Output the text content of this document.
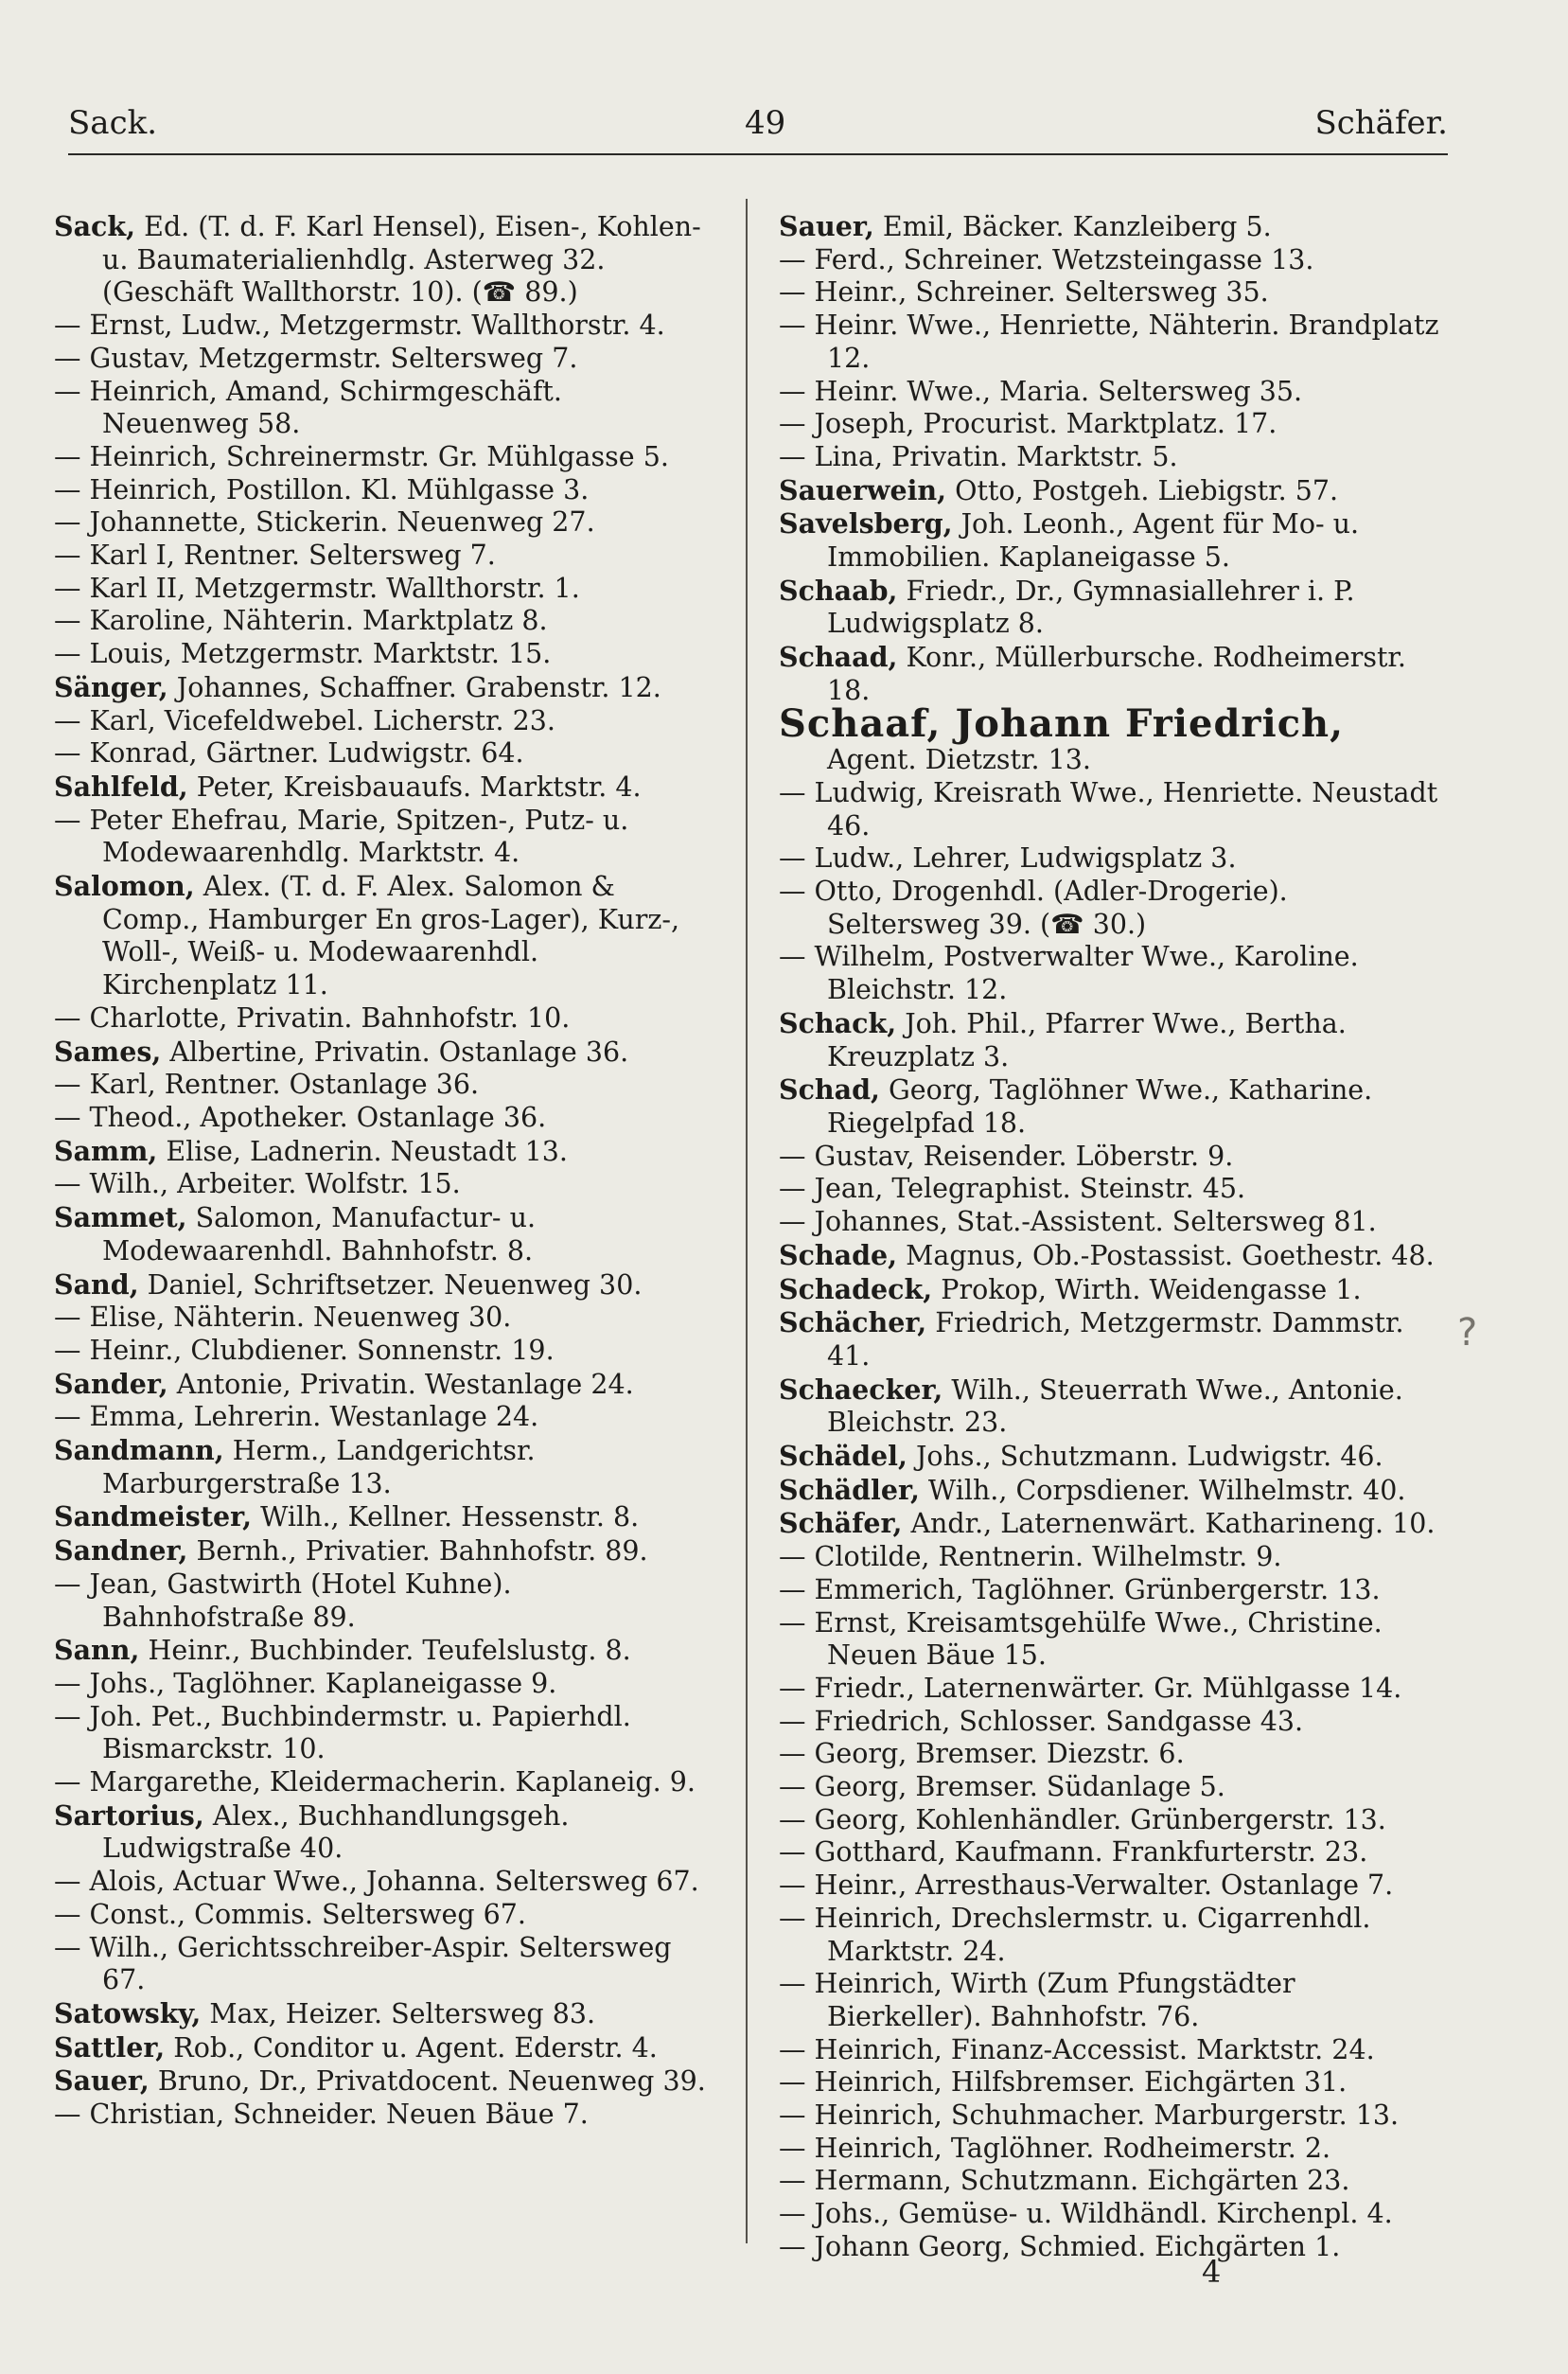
Sack.	49	Schäfer.

Sack, Ed. (T. d. F. Karl Hensel), Eisen-, Kohlen- u. Baumaterialienhdlg. Asterweg 32. (Geschäft Wallthorstr. 10). (☎ 89.)

— Ernst, Ludw., Metzgermstr. Wallthorstr. 4.

— Gustav, Metzgermstr. Seltersweg 7.

— Heinrich, Amand, Schirmgeschäft. Neuenweg 58.

— Heinrich, Schreinermstr. Gr. Mühlgasse 5.

— Heinrich, Postillon. Kl. Mühlgasse 3.

— Johannette, Stickerin. Neuenweg 27.

— Karl I, Rentner. Seltersweg 7.

— Karl II, Metzgermstr. Wallthorstr. 1.

— Karoline, Nähterin. Marktplatz 8.

— Louis, Metzgermstr. Marktstr. 15.

Sänger, Johannes, Schaffner. Grabenstr. 12.

— Karl, Vicefeldwebel. Licherstr. 23.

— Konrad, Gärtner. Ludwigstr. 64.

Sahlfeld, Peter, Kreisbauaufs. Marktstr. 4.

— Peter Ehefrau, Marie, Spitzen-, Putz- u. Modewaarenhdlg. Marktstr. 4.

Salomon, Alex. (T. d. F. Alex. Salomon & Comp., Hamburger En gros-Lager), Kurz-, Woll-, Weiß- u. Modewaarenhdl. Kirchenplatz 11.

— Charlotte, Privatin. Bahnhofstr. 10.

Sames, Albertine, Privatin. Ostanlage 36.

— Karl, Rentner. Ostanlage 36.

— Theod., Apotheker. Ostanlage 36.

Samm, Elise, Ladnerin. Neustadt 13.

— Wilh., Arbeiter. Wolfstr. 15.

Sammet, Salomon, Manufactur- u. Modewaarenhdl. Bahnhofstr. 8.

Sand, Daniel, Schriftsetzer. Neuenweg 30.

— Elise, Nähterin. Neuenweg 30.

— Heinr., Clubdiener. Sonnenstr. 19.

Sander, Antonie, Privatin. Westanlage 24.

— Emma, Lehrerin. Westanlage 24.

Sandmann, Herm., Landgerichtsr. Marburgerstraße 13.

Sandmeister, Wilh., Kellner. Hessenstr. 8.

Sandner, Bernh., Privatier. Bahnhofstr. 89.

— Jean, Gastwirth (Hotel Kuhne). Bahnhofstraße 89.

Sann, Heinr., Buchbinder. Teufelslustg. 8.

— Johs., Taglöhner. Kaplaneigasse 9.

— Joh. Pet., Buchbindermstr. u. Papierhdl. Bismarckstr. 10.

— Margarethe, Kleidermacherin. Kaplaneig. 9.

Sartorius, Alex., Buchhandlungsgeh. Ludwigstraße 40.

— Alois, Actuar Wwe., Johanna. Seltersweg 67.

— Const., Commis. Seltersweg 67.

— Wilh., Gerichtsschreiber-Aspir. Seltersweg 67.

Satowsky, Max, Heizer. Seltersweg 83.

Sattler, Rob., Conditor u. Agent. Ederstr. 4.

Sauer, Bruno, Dr., Privatdocent. Neuenweg 39.

— Christian, Schneider. Neuen Bäue 7.

Sauer, Emil, Bäcker. Kanzleiberg 5.

— Ferd., Schreiner. Wetzsteingasse 13.

— Heinr., Schreiner. Seltersweg 35.

— Heinr. Wwe., Henriette, Nähterin. Brandplatz 12.

— Heinr. Wwe., Maria. Seltersweg 35.

— Joseph, Procurist. Marktplatz. 17.

— Lina, Privatin. Marktstr. 5.

Sauerwein, Otto, Postgeh. Liebigstr. 57.

Savelsberg, Joh. Leonh., Agent für Mo- u. Immobilien. Kaplaneigasse 5.

Schaab, Friedr., Dr., Gymnasiallehrer i. P. Ludwigsplatz 8.

Schaad, Konr., Müllerbursche. Rodheimerstr. 18.

Schaaf, Johann Friedrich, Agent. Dietzstr. 13.

— Ludwig, Kreisrath Wwe., Henriette. Neustadt 46.

— Ludw., Lehrer, Ludwigsplatz 3.

— Otto, Drogenhdl. (Adler-Drogerie). Seltersweg 39. (☎ 30.)

— Wilhelm, Postverwalter Wwe., Karoline. Bleichstr. 12.

Schack, Joh. Phil., Pfarrer Wwe., Bertha. Kreuzplatz 3.

Schad, Georg, Taglöhner Wwe., Katharine. Riegelpfad 18.

— Gustav, Reisender. Löberstr. 9.

— Jean, Telegraphist. Steinstr. 45.

— Johannes, Stat.-Assistent. Seltersweg 81.

Schade, Magnus, Ob.-Postassist. Goethestr. 48.

Schadeck, Prokop, Wirth. Weidengasse 1.

Schächer, Friedrich, Metzgermstr. Dammstr. 41.

Schaecker, Wilh., Steuerrath Wwe., Antonie. Bleichstr. 23.

Schädel, Johs., Schutzmann. Ludwigstr. 46.

Schädler, Wilh., Corpsdiener. Wilhelmstr. 40.

Schäfer, Andr., Laternenwärt. Katharineng. 10.

— Clotilde, Rentnerin. Wilhelmstr. 9.

— Emmerich, Taglöhner. Grünbergerstr. 13.

— Ernst, Kreisamtsgehülfe Wwe., Christine. Neuen Bäue 15.

— Friedr., Laternenwärter. Gr. Mühlgasse 14.

— Friedrich, Schlosser. Sandgasse 43.

— Georg, Bremser. Diezstr. 6.

— Georg, Bremser. Südanlage 5.

— Georg, Kohlenhändler. Grünbergerstr. 13.

— Gotthard, Kaufmann. Frankfurterstr. 23.

— Heinr., Arresthaus-Verwalter. Ostanlage 7.

— Heinrich, Drechslermstr. u. Cigarrenhdl. Marktstr. 24.

— Heinrich, Wirth (Zum Pfungstädter Bierkeller). Bahnhofstr. 76.

— Heinrich, Finanz-Accessist. Marktstr. 24.

— Heinrich, Hilfsbremser. Eichgärten 31.

— Heinrich, Schuhmacher. Marburgerstr. 13.

— Heinrich, Taglöhner. Rodheimerstr. 2.

— Hermann, Schutzmann. Eichgärten 23.

— Johs., Gemüse- u. Wildhändl. Kirchenpl. 4.

— Johann Georg, Schmied. Eichgärten 1.

?
4
